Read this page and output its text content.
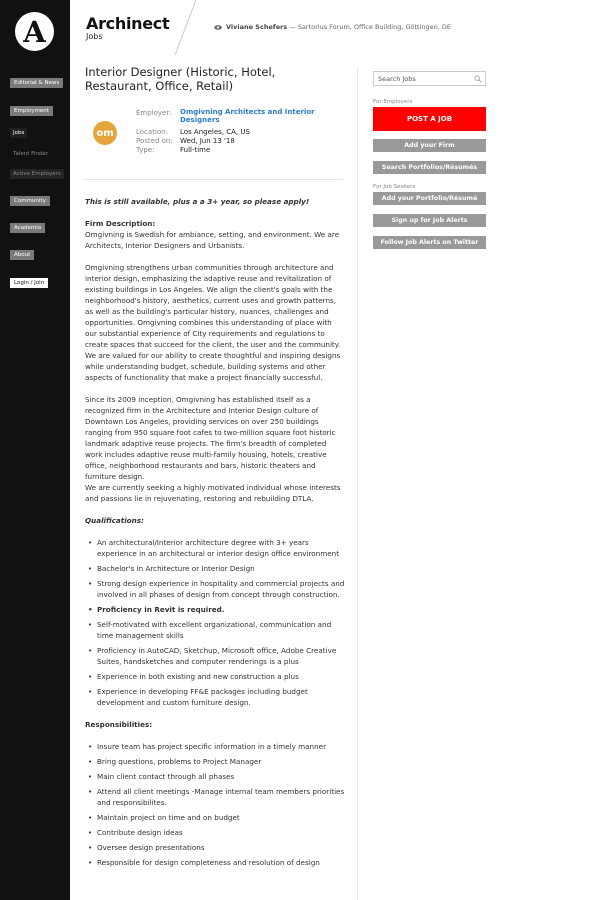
A
Editorial & News
Employment
Jobs
Talent Finder
Active Employers
Community
Academia
About
Login / Join
Archinect
Jobs
Viviane Schefers — Sartorius Forum, Office Building, Göttingen, DE
Interior Designer (Historic, Hotel, Restaurant, Office, Retail)
om
Employer:	Omgivning Architects and Interior Designers
Location:	Los Angeles, CA, US
Posted on:	Wed, Jun 13 '18
Type:	Full-time

This is still available, plus a a 3+ year, so please apply!

Firm Description:

Omgivning is Swedish for ambiance, setting, and environment. We are Architects, Interior Designers and Urbanists.

Omgivning strengthens urban communities through architecture and interior design, emphasizing the adaptive reuse and revitalization of existing buildings in Los Angeles. We align the client's goals with the neighborhood's history, aesthetics, current uses and growth patterns, as well as the building's particular history, nuances, challenges and opportunities. Omgivning combines this understanding of place with our substantial experience of City requirements and regulations to create spaces that succeed for the client, the user and the community. We are valued for our ability to create thoughtful and inspiring designs while understanding budget, schedule, building systems and other aspects of functionality that make a project financially successful.

Since its 2009 inception, Omgivning has established itself as a recognized firm in the Architecture and Interior Design culture of Downtown Los Angeles, providing services on over 250 buildings ranging from 950 square foot cafes to two-million square foot historic landmark adaptive reuse projects. The firm's breadth of completed work includes adaptive reuse multi-family housing, hotels, creative office, neighborhood restaurants and bars, historic theaters and furniture design.

We are currently seeking a highly motivated individual whose interests and passions lie in rejuvenating, restoring and rebuilding DTLA.

Qualifications:

• An architectural/Interior architecture degree with 3+ years experience in an architectural or interior design office environment
• Bachelor's in Architecture or Interior Design
• Strong design experience in hospitality and commercial projects and involved in all phases of design from concept through construction.
• Proficiency in Revit is required.
• Self-motivated with excellent organizational, communication and time management skills
• Proficiency in AutoCAD, Sketchup, Microsoft office, Adobe Creative Suites, handsketches and computer renderings is a plus
• Experience in both existing and new construction a plus
• Experience in developing FF&E packages including budget development and custom furniture design.

Responsibilities:

• Insure team has project specific information in a timely manner
• Bring questions, problems to Project Manager
• Main client contact through all phases
• Attend all client meetings -Manage internal team members priorities and responsibilites.
• Maintain project on time and on budget
• Contribute design ideas
• Oversee design presentations
• Responsible for design completeness and resolution of design
Search Jobs
For Employers
POST A JOB
Add your Firm
Search Portfolios/Résumés
For Job Seekers
Add your Portfolio/Résumé
Sign up for Job Alerts
Follow Job Alerts on Twitter
